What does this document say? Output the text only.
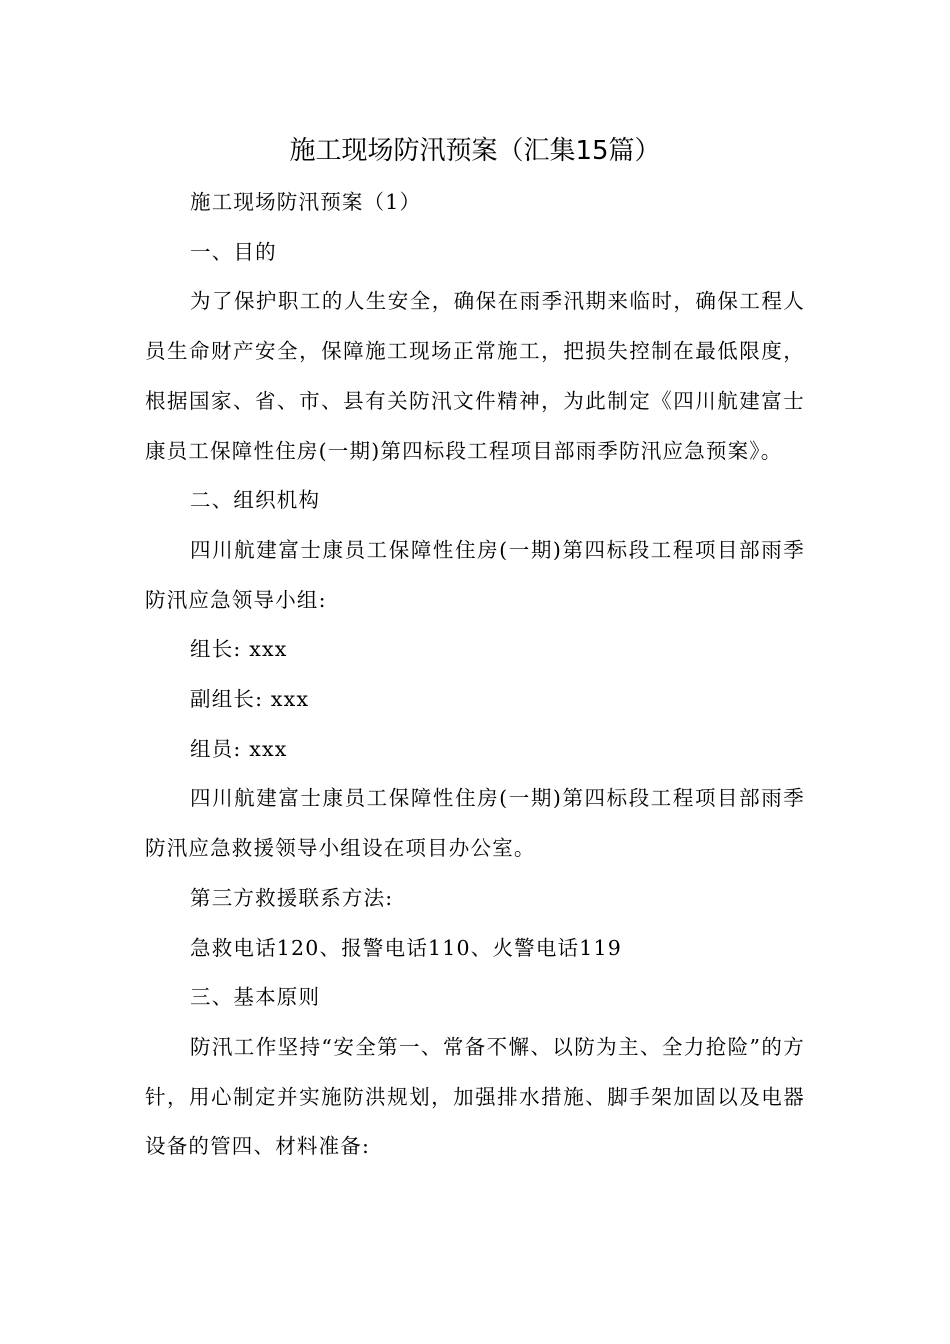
施工现场防汛预案（汇集15篇）

施工现场防汛预案（1）

一、目的

为了保护职工的人生安全，确保在雨季汛期来临时，确保工程人员生命财产安全，保障施工现场正常施工，把损失控制在最低限度，根据国家、省、市、县有关防汛文件精神，为此制定《四川航建富士康员工保障性住房(一期)第四标段工程项目部雨季防汛应急预案》。

二、组织机构

四川航建富士康员工保障性住房(一期)第四标段工程项目部雨季防汛应急领导小组:

组长: xxx

副组长: xxx

组员: xxx

四川航建富士康员工保障性住房(一期)第四标段工程项目部雨季防汛应急救援领导小组设在项目办公室。

第三方救援联系方法:

急救电话120、报警电话110、火警电话119

三、基本原则

防汛工作坚持“安全第一、常备不懈、以防为主、全力抢险”的方针，用心制定并实施防洪规划，加强排水措施、脚手架加固以及电器设备的管四、材料准备:
